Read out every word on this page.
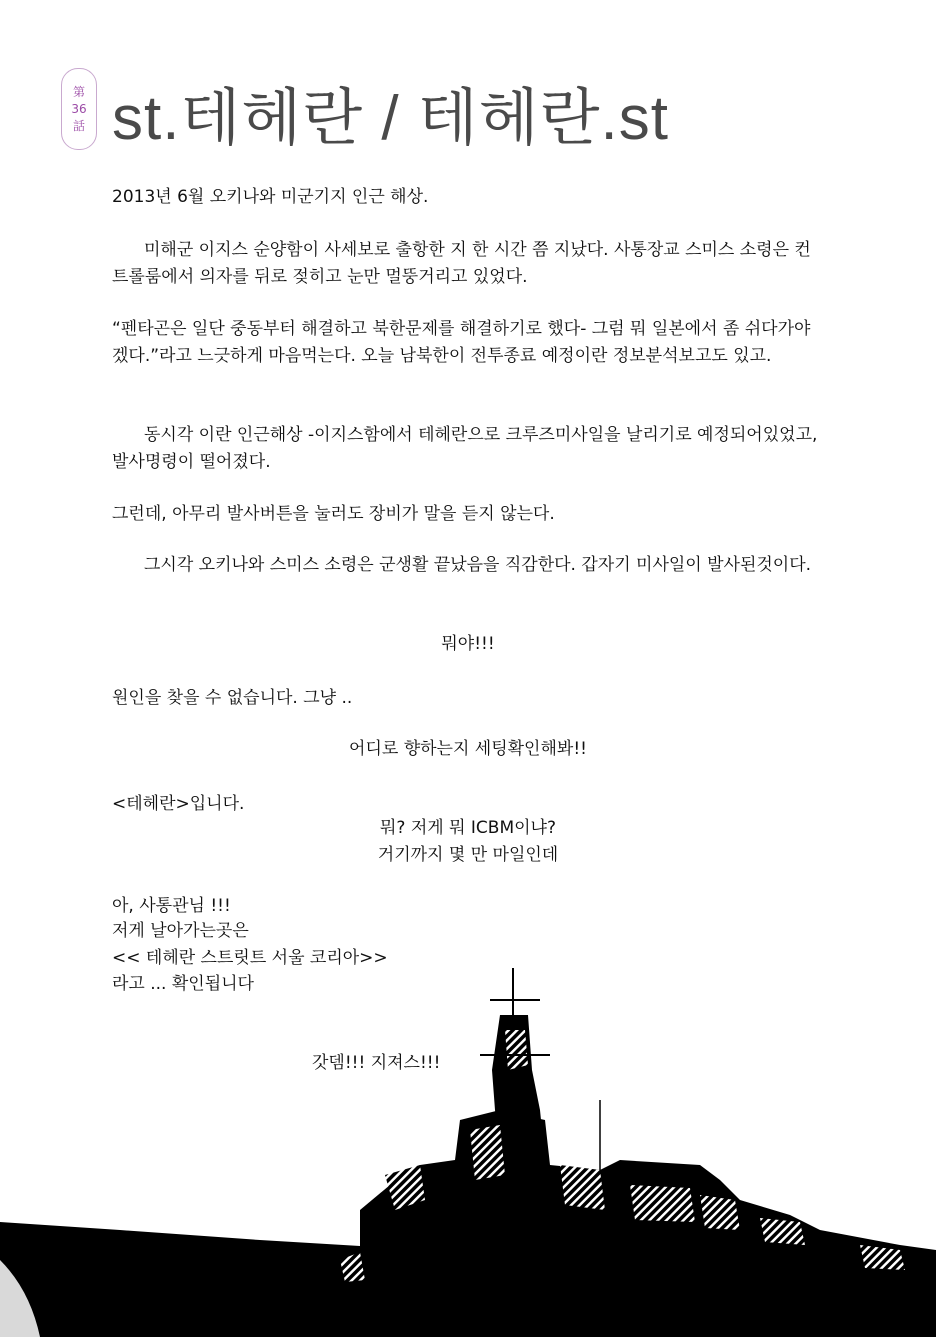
第
36
話 st.테헤란 / 테헤란.st

2013년 6월 오키나와 미군기지 인근 해상.

미해군 이지스 순양함이 사세보로 출항한 지 한 시간 쯤 지났다. 사통장교 스미스 소령은 컨트롤룸에서 의자를 뒤로 젖히고 눈만 멀뚱거리고 있었다.

“펜타곤은 일단 중동부터 해결하고 북한문제를 해결하기로 했다- 그럼 뭐 일본에서 좀 쉬다가야겠다.”라고 느긋하게 마음먹는다. 오늘 남북한이 전투종료 예정이란 정보분석보고도 있고.

동시각 이란 인근해상 -이지스함에서 테헤란으로 크루즈미사일을 날리기로 예정되어있었고, 발사명령이 떨어졌다.

그런데, 아무리 발사버튼을 눌러도 장비가 말을 듣지 않는다.

그시각 오키나와 스미스 소령은 군생활 끝났음을 직감한다. 갑자기 미사일이 발사된것이다.

뭐야!!!

원인을 찾을 수 없습니다. 그냥 ..

어디로 향하는지 세팅확인해봐!!

<테헤란>입니다.

뭐? 저게 뭐 ICBM이냐?

거기까지 몇 만 마일인데

아, 사통관님 !!!

저게 날아가는곳은

<< 테헤란 스트릿트 서울 코리아>>

라고 ... 확인됩니다

갓뎀!!! 지져스!!!
